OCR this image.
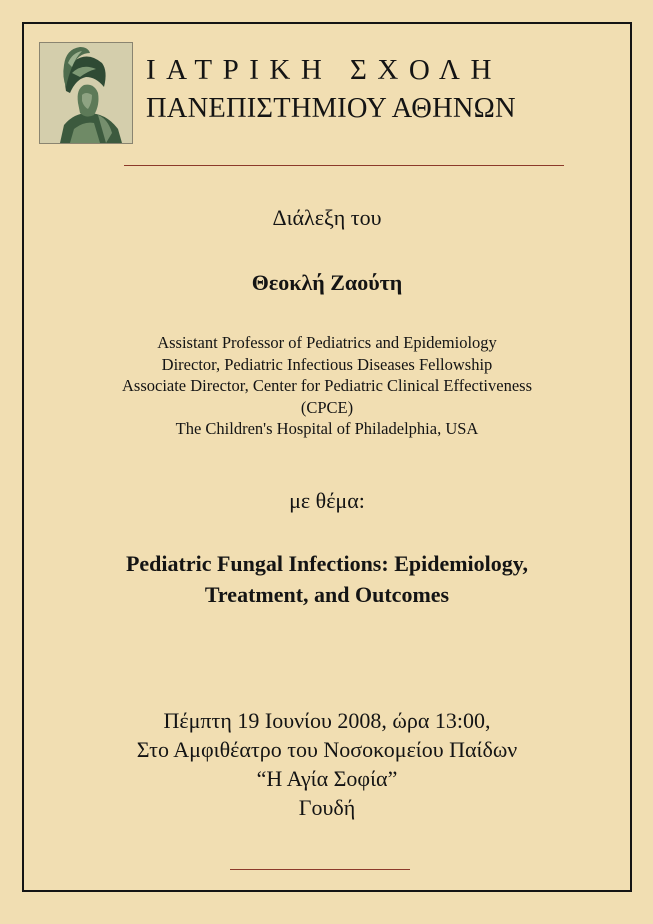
ΙΑΤΡΙΚΗ ΣΧΟΛΗ
ΠΑΝΕΠΙΣΤΗΜΙΟΥ ΑΘΗΝΩΝ
Διάλεξη του
Θεοκλή Ζαούτη
Assistant Professor of Pediatrics and Epidemiology
Director, Pediatric Infectious Diseases Fellowship
Associate Director, Center for Pediatric Clinical Effectiveness
(CPCE)
The Children's Hospital of Philadelphia, USA
με θέμα:
Pediatric Fungal Infections: Epidemiology,
Treatment, and Outcomes
Πέμπτη 19 Ιουνίου 2008, ώρα 13:00,
Στο Αμφιθέατρο του Νοσοκομείου Παίδων
“Η Αγία Σοφία”
Γουδή
